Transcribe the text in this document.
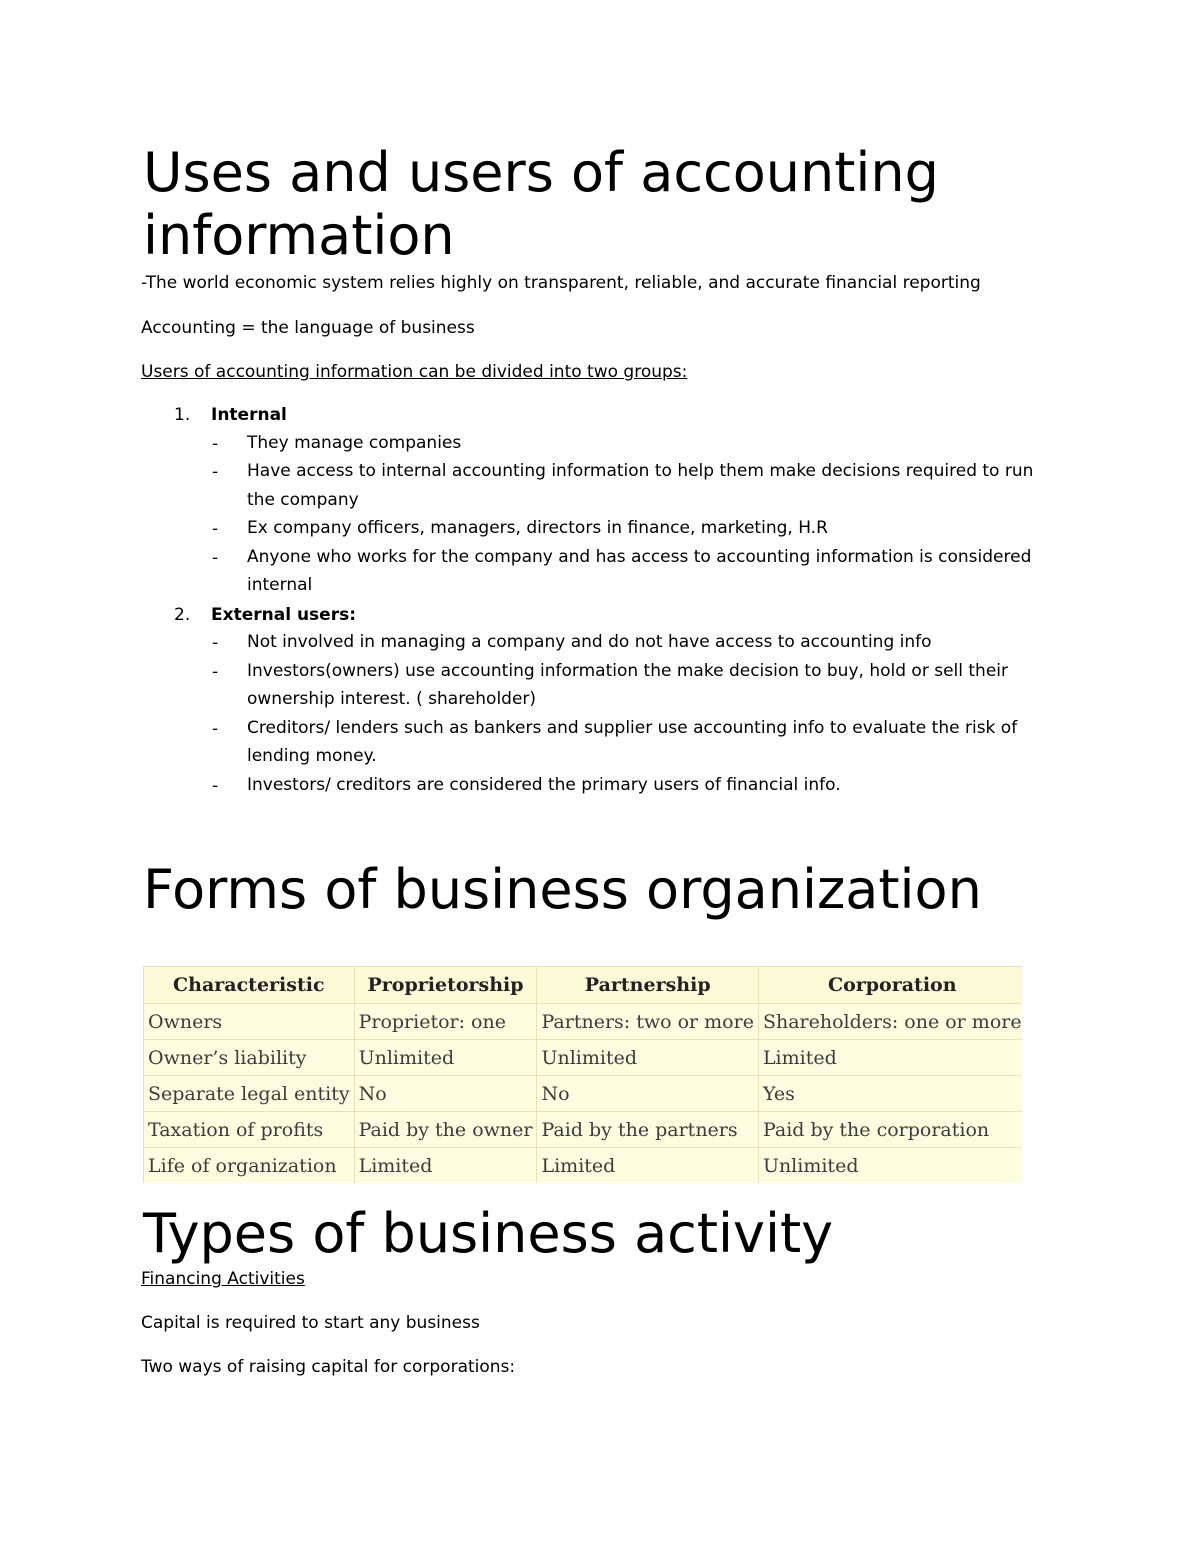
Uses and users of accounting
information
-The world economic system relies highly on transparent, reliable, and accurate financial reporting
Accounting = the language of business
Users of accounting information can be divided into two groups:
1. Internal
- They manage companies
- Have access to internal accounting information to help them make decisions required to run
the company
- Ex company officers, managers, directors in finance, marketing, H.R
- Anyone who works for the company and has access to accounting information is considered
internal
2. External users:
- Not involved in managing a company and do not have access to accounting info
- Investors(owners) use accounting information the make decision to buy, hold or sell their
ownership interest. ( shareholder)
- Creditors/ lenders such as bankers and supplier use accounting info to evaluate the risk of
lending money.
- Investors/ creditors are considered the primary users of financial info.
Forms of business organization
Characteristic	Proprietorship	Partnership	Corporation
Owners	Proprietor: one	Partners: two or more	Shareholders: one or more
Owner’s liability	Unlimited	Unlimited	Limited
Separate legal entity	No	No	Yes
Taxation of profits	Paid by the owner	Paid by the partners	Paid by the corporation
Life of organization	Limited	Limited	Unlimited
Types of business activity
Financing Activities
Capital is required to start any business
Two ways of raising capital for corporations:
